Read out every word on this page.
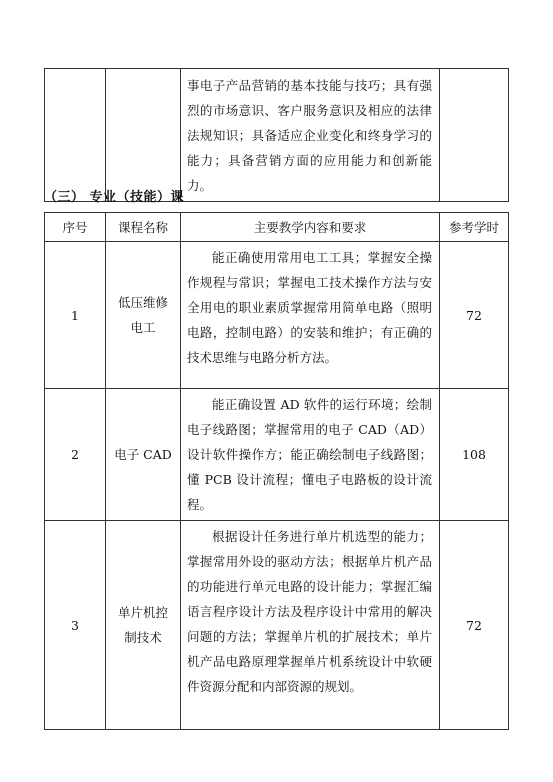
		事电子产品营销的基本技能与技巧；具有强烈的市场意识、客户服务意识及相应的法律法规知识；具备适应企业变化和终身学习的能力；具备营销方面的应用能力和创新能力。	
（三） 专业（技能）课
序号	课程名称	主要教学内容和要求	参考学时
1	低压维修电工	能正确使用常用电工工具；掌握安全操作规程与常识；掌握电工技术操作方法与安全用电的职业素质掌握常用简单电路（照明电路，控制电路）的安装和维护；有正确的技术思维与电路分析方法。	72
2	电子 CAD	能正确设置 AD 软件的运行环境；绘制电子线路图；掌握常用的电子 CAD（AD）设计软件操作方；能正确绘制电子线路图；懂 PCB 设计流程；懂电子电路板的设计流程。	108
3	单片机控制技术	根据设计任务进行单片机选型的能力；掌握常用外设的驱动方法；根据单片机产品的功能进行单元电路的设计能力；掌握汇编语言程序设计方法及程序设计中常用的解决问题的方法；掌握单片机的扩展技术；单片机产品电路原理掌握单片机系统设计中软硬件资源分配和内部资源的规划。	72
